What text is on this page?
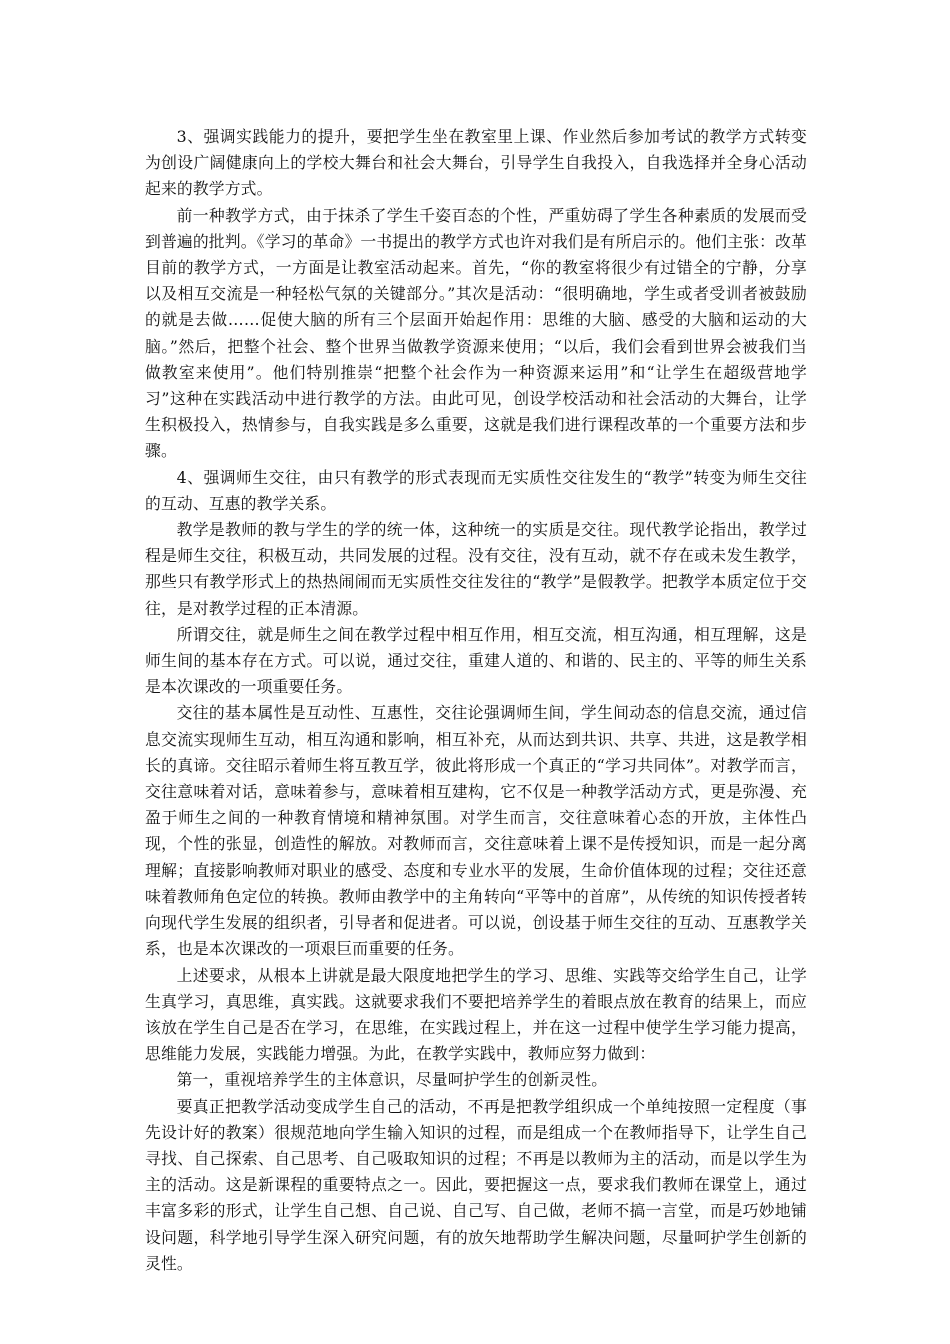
3、强调实践能力的提升，要把学生坐在教室里上课、作业然后参加考试的教学方式转变为创设广阔健康向上的学校大舞台和社会大舞台，引导学生自我投入，自我选择并全身心活动起来的教学方式。

前一种教学方式，由于抹杀了学生千姿百态的个性，严重妨碍了学生各种素质的发展而受到普遍的批判。《学习的革命》一书提出的教学方式也许对我们是有所启示的。他们主张：改革目前的教学方式，一方面是让教室活动起来。首先，“你的教室将很少有过错全的宁静，分享以及相互交流是一种轻松气氛的关键部分。”其次是活动：“很明确地，学生或者受训者被鼓励的就是去做……促使大脑的所有三个层面开始起作用：思维的大脑、感受的大脑和运动的大脑。”然后，把整个社会、整个世界当做教学资源来使用；“以后，我们会看到世界会被我们当做教室来使用”。他们特别推崇“把整个社会作为一种资源来运用”和“让学生在超级营地学习”这种在实践活动中进行教学的方法。由此可见，创设学校活动和社会活动的大舞台，让学生积极投入，热情参与，自我实践是多么重要，这就是我们进行课程改革的一个重要方法和步骤。

4、强调师生交往，由只有教学的形式表现而无实质性交往发生的“教学”转变为师生交往的互动、互惠的教学关系。

教学是教师的教与学生的学的统一体，这种统一的实质是交往。现代教学论指出，教学过程是师生交往，积极互动，共同发展的过程。没有交往，没有互动，就不存在或未发生教学，那些只有教学形式上的热热闹闹而无实质性交往发往的“教学”是假教学。把教学本质定位于交往，是对教学过程的正本清源。

所谓交往，就是师生之间在教学过程中相互作用，相互交流，相互沟通，相互理解，这是师生间的基本存在方式。可以说，通过交往，重建人道的、和谐的、民主的、平等的师生关系是本次课改的一项重要任务。

交往的基本属性是互动性、互惠性，交往论强调师生间，学生间动态的信息交流，通过信息交流实现师生互动，相互沟通和影响，相互补充，从而达到共识、共享、共进，这是教学相长的真谛。交往昭示着师生将互教互学，彼此将形成一个真正的“学习共同体”。对教学而言，交往意味着对话，意味着参与，意味着相互建构，它不仅是一种教学活动方式，更是弥漫、充盈于师生之间的一种教育情境和精神氛围。对学生而言，交往意味着心态的开放，主体性凸现，个性的张显，创造性的解放。对教师而言，交往意味着上课不是传授知识，而是一起分离理解；直接影响教师对职业的感受、态度和专业水平的发展，生命价值体现的过程；交往还意味着教师角色定位的转换。教师由教学中的主角转向“平等中的首席”，从传统的知识传授者转向现代学生发展的组织者，引导者和促进者。可以说，创设基于师生交往的互动、互惠教学关系，也是本次课改的一项艰巨而重要的任务。

上述要求，从根本上讲就是最大限度地把学生的学习、思维、实践等交给学生自己，让学生真学习，真思维，真实践。这就要求我们不要把培养学生的着眼点放在教育的结果上，而应该放在学生自己是否在学习，在思维，在实践过程上，并在这一过程中使学生学习能力提高，思维能力发展，实践能力增强。为此，在教学实践中，教师应努力做到：

第一，重视培养学生的主体意识，尽量呵护学生的创新灵性。

要真正把教学活动变成学生自己的活动，不再是把教学组织成一个单纯按照一定程度（事先设计好的教案）很规范地向学生输入知识的过程，而是组成一个在教师指导下，让学生自己寻找、自己探索、自己思考、自己吸取知识的过程；不再是以教师为主的活动，而是以学生为主的活动。这是新课程的重要特点之一。因此，要把握这一点，要求我们教师在课堂上，通过丰富多彩的形式，让学生自己想、自己说、自己写、自己做，老师不搞一言堂，而是巧妙地铺设问题，科学地引导学生深入研究问题，有的放矢地帮助学生解决问题，尽量呵护学生创新的灵性。
